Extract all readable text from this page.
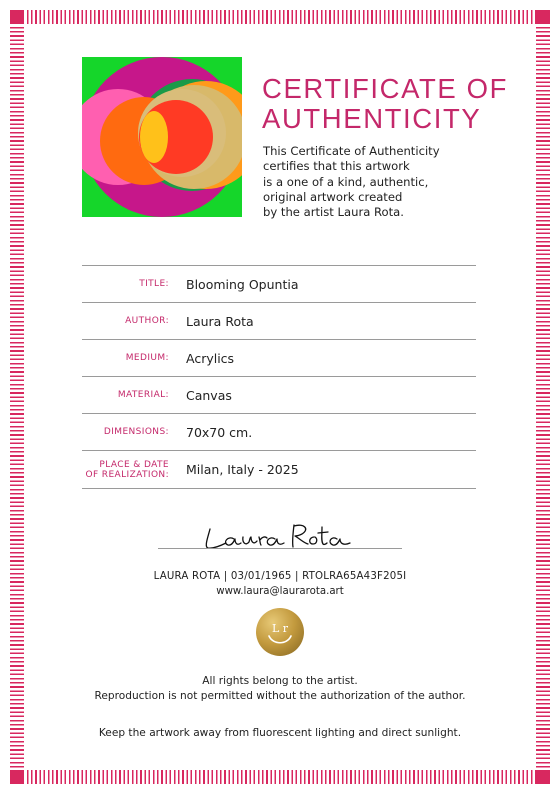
CERTIFICATE OF
AUTHENTICITY
This Certificate of Authenticity
certifies that this artwork
is a one of a kind, authentic,
original artwork created
by the artist Laura Rota.
TITLE: Blooming Opuntia
AUTHOR: Laura Rota
MEDIUM: Acrylics
MATERIAL: Canvas
DIMENSIONS: 70x70 cm.
PLACE & DATE
OF REALIZATION: Milan, Italy - 2025
LAURA ROTA | 03/01/1965 | RTOLRA65A43F205I
www.laura@laurarota.art
L r
All rights belong to the artist.
Reproduction is not permitted without the authorization of the author.
Keep the artwork away from fluorescent lighting and direct sunlight.
